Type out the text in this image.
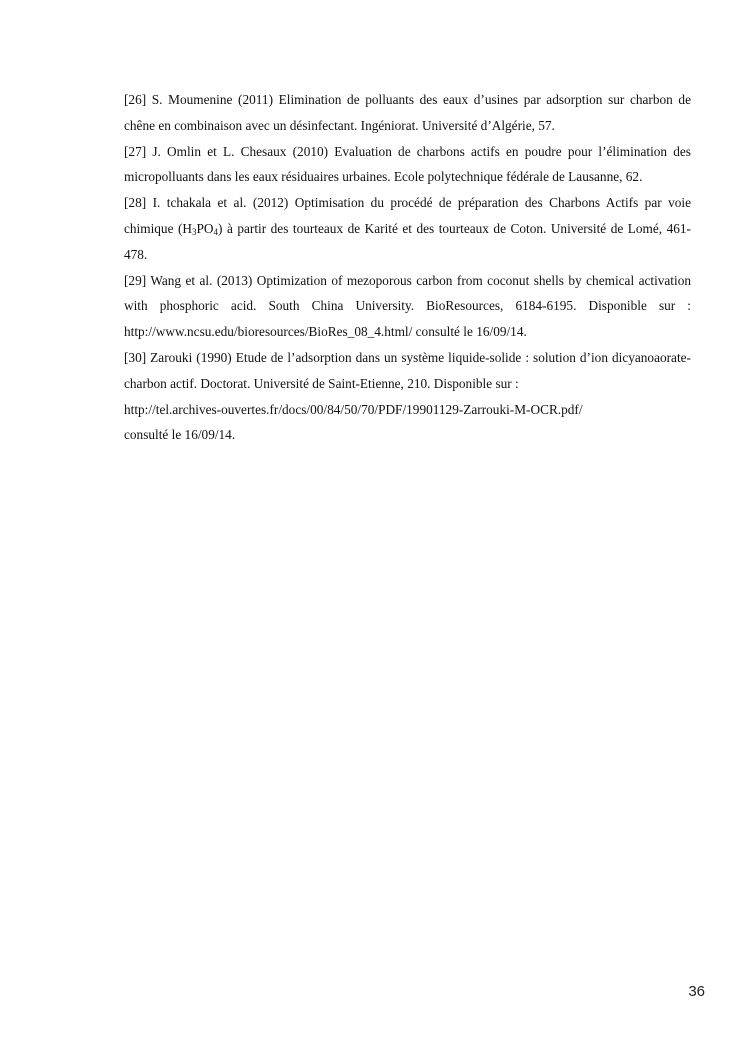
[26] S. Moumenine (2011) Elimination de polluants des eaux d’usines par adsorption sur charbon de chêne en combinaison avec un désinfectant. Ingéniorat. Université d’Algérie, 57.

[27] J. Omlin et L. Chesaux (2010) Evaluation de charbons actifs en poudre pour l’élimination des micropolluants dans les eaux résiduaires urbaines. Ecole polytechnique fédérale de Lausanne, 62.

[28] I. tchakala et al. (2012) Optimisation du procédé de préparation des Charbons Actifs par voie chimique $(H_3PO_4)$ à partir des tourteaux de Karité et des tourteaux de Coton. Université de Lomé, 461-478.

[29] Wang et al. (2013) Optimization of mezoporous carbon from coconut shells by chemical activation with phosphoric acid. South China University. BioResources, 6184-6195. Disponible sur : http://www.ncsu.edu/bioresources/BioRes_08_4.html/ consulté le 16/09/14.

[30] Zarouki (1990) Etude de l’adsorption dans un système liquide-solide : solution d’ion dicyanoaorate-charbon actif. Doctorat. Université de Saint-Etienne, 210. Disponible sur :
http://tel.archives-ouvertes.fr/docs/00/84/50/70/PDF/19901129-Zarrouki-M-OCR.pdf/
consulté le 16/09/14.

36
